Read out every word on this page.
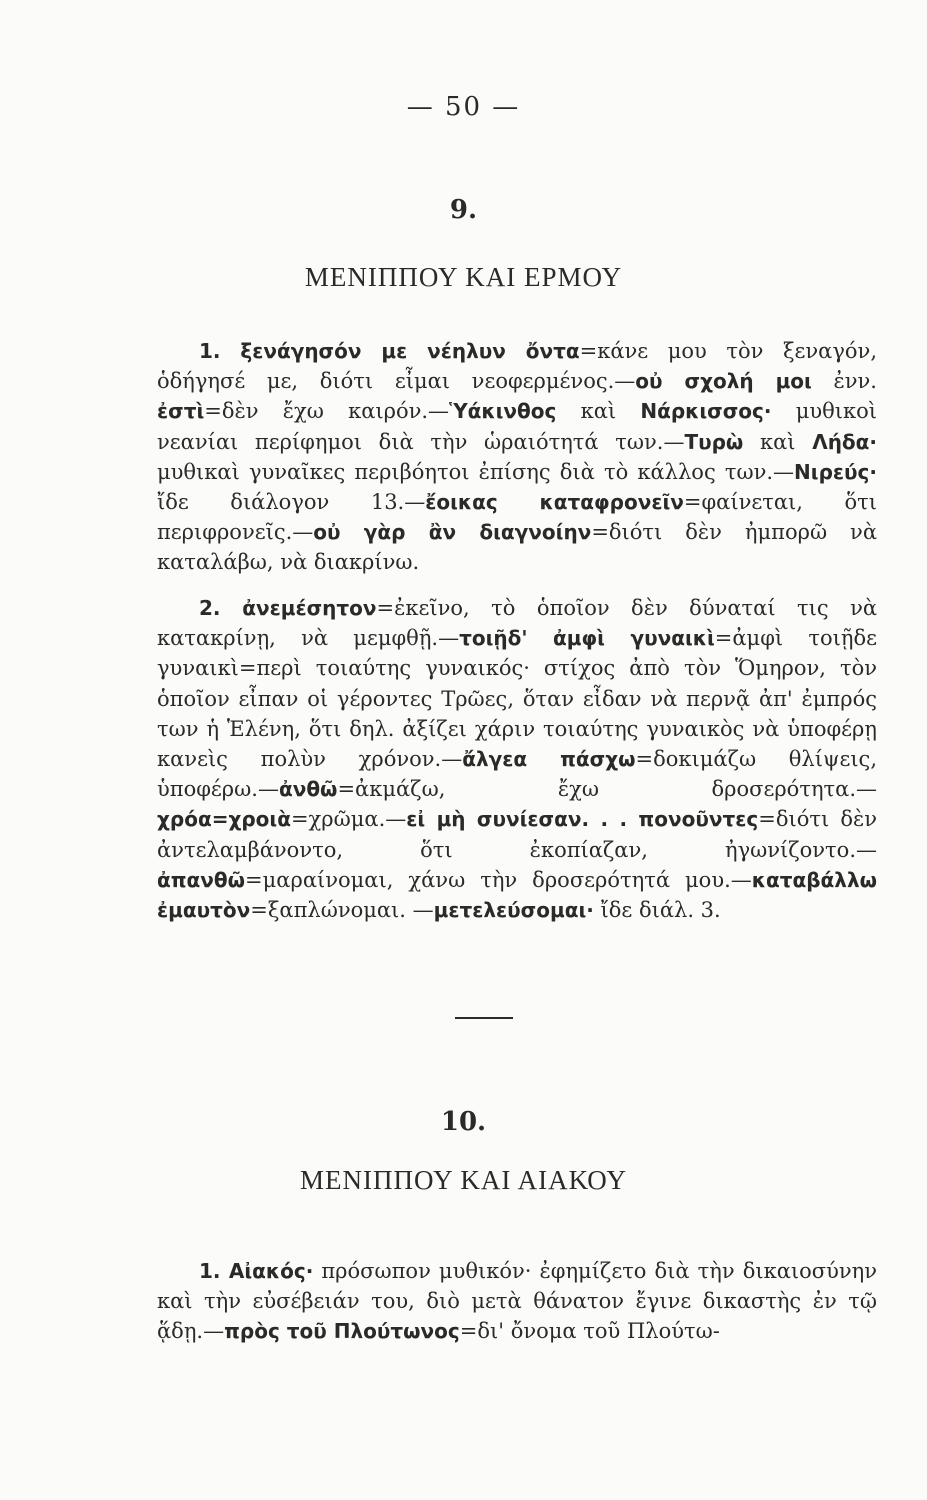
— 50 —
9.
ΜΕΝΙΠΠΟΥ ΚΑΙ ΕΡΜΟΥ

1. ξενάγησόν με νέηλυν ὄντα=κάνε μου τὸν ξεναγόν, ὁδήγησέ με, διότι εἶμαι νεοφερμένος.—οὐ σχολή μοι ἐνν. ἐστὶ=δὲν ἔχω καιρόν.—Ὑάκινθος καὶ Νάρκισσος· μυθικοὶ νεανίαι περίφημοι διὰ τὴν ὡραιότητά των.—Τυρὼ καὶ Λήδα· μυθικαὶ γυναῖκες περιβόητοι ἐπίσης διὰ τὸ κάλλος των.—Νιρεύς· ἴδε διάλογον 13.—ἔοικας καταφρονεῖν=φαίνεται, ὅτι περιφρονεῖς.—οὐ γὰρ ἂν διαγνοίην=διότι δὲν ἠμπορῶ νὰ καταλάβω, νὰ διακρίνω.

2. ἀνεμέσητον=ἐκεῖνο, τὸ ὁποῖον δὲν δύναταί τις νὰ κατακρίνῃ, νὰ μεμφθῇ.—τοιῇδ' ἀμφὶ γυναικὶ=ἀμφὶ τοιῇδε γυναικὶ=περὶ τοιαύτης γυναικός· στίχος ἀπὸ τὸν Ὅμηρον, τὸν ὁποῖον εἶπαν οἱ γέροντες Τρῶες, ὅταν εἶδαν νὰ περνᾷ ἀπ' ἐμπρός των ἡ Ἑλένη, ὅτι δηλ. ἀξίζει χάριν τοιαύτης γυναικὸς νὰ ὑποφέρῃ κανεὶς πολὺν χρόνον.—ἄλγεα πάσχω=δοκιμάζω θλίψεις, ὑποφέρω.—ἀνθῶ=ἀκμάζω, ἔχω δροσερότητα.—χρόα=χροιὰ=χρῶμα.—εἰ μὴ συνίεσαν. . . πονοῦντες=διότι δὲν ἀντελαμβάνοντο, ὅτι ἐκοπίαζαν, ἠγωνίζοντο.—ἀπανθῶ=μαραίνομαι, χάνω τὴν δροσερότητά μου.—καταβάλλω ἐμαυτὸν=ξαπλώνομαι. —μετελεύσομαι· ἴδε διάλ. 3.

10.
ΜΕΝΙΠΠΟΥ ΚΑΙ ΑΙΑΚΟΥ

1. Αἰακός· πρόσωπον μυθικόν· ἐφημίζετο διὰ τὴν δικαιοσύνην καὶ τὴν εὐσέβειάν του, διὸ μετὰ θάνατον ἔγινε δικαστὴς ἐν τῷ ᾅδῃ.—πρὸς τοῦ Πλούτωνος=δι' ὄνομα τοῦ Πλούτω-
